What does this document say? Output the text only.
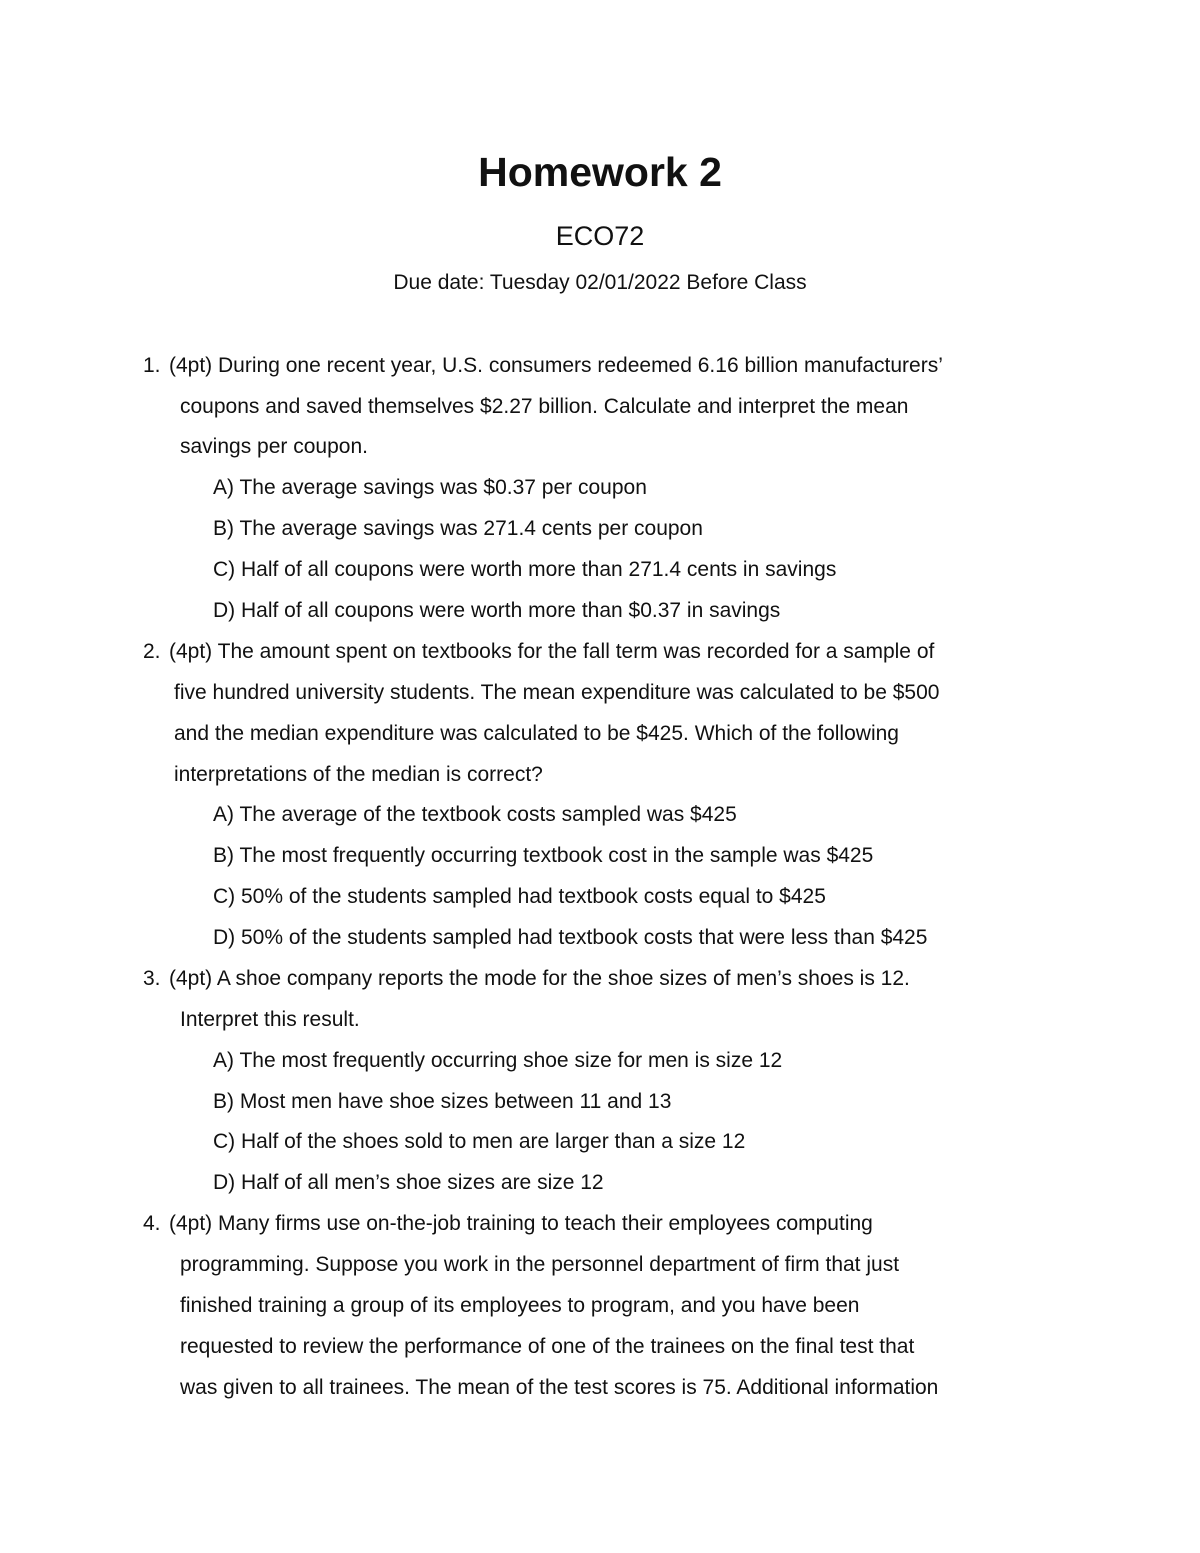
Homework 2
ECO72
Due date: Tuesday 02/01/2022 Before Class
1. (4pt) During one recent year, U.S. consumers redeemed 6.16 billion manufacturers’
coupons and saved themselves $2.27 billion. Calculate and interpret the mean
savings per coupon.
A) The average savings was $0.37 per coupon
B) The average savings was 271.4 cents per coupon
C) Half of all coupons were worth more than 271.4 cents in savings
D) Half of all coupons were worth more than $0.37 in savings
2. (4pt) The amount spent on textbooks for the fall term was recorded for a sample of
five hundred university students. The mean expenditure was calculated to be $500
and the median expenditure was calculated to be $425. Which of the following
interpretations of the median is correct?
A) The average of the textbook costs sampled was $425
B) The most frequently occurring textbook cost in the sample was $425
C) 50% of the students sampled had textbook costs equal to $425
D) 50% of the students sampled had textbook costs that were less than $425
3. (4pt) A shoe company reports the mode for the shoe sizes of men’s shoes is 12.
Interpret this result.
A) The most frequently occurring shoe size for men is size 12
B) Most men have shoe sizes between 11 and 13
C) Half of the shoes sold to men are larger than a size 12
D) Half of all men’s shoe sizes are size 12
4. (4pt) Many firms use on-the-job training to teach their employees computing
programming. Suppose you work in the personnel department of firm that just
finished training a group of its employees to program, and you have been
requested to review the performance of one of the trainees on the final test that
was given to all trainees. The mean of the test scores is 75. Additional information
